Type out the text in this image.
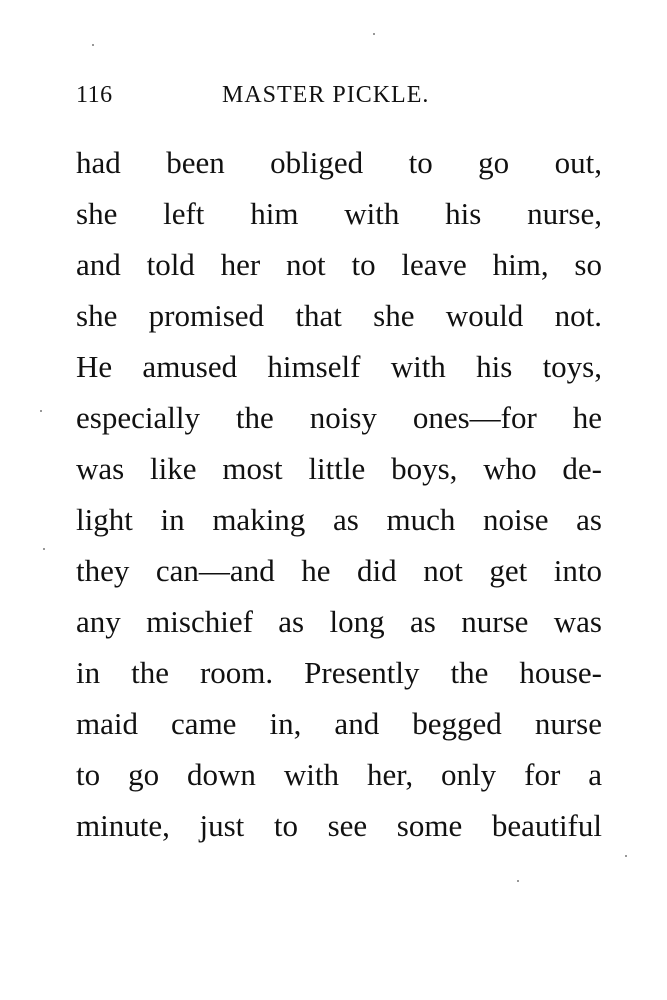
116	MASTER PICKLE.
had been obliged to go out,
she left him with his nurse,
and told her not to leave him, so
she promised that she would not.
He amused himself with his toys,
especially the noisy ones—for he
was like most little boys, who de-
light in making as much noise as
they can—and he did not get into
any mischief as long as nurse was
in the room. Presently the house-
maid came in, and begged nurse
to go down with her, only for a
minute, just to see some beautiful
